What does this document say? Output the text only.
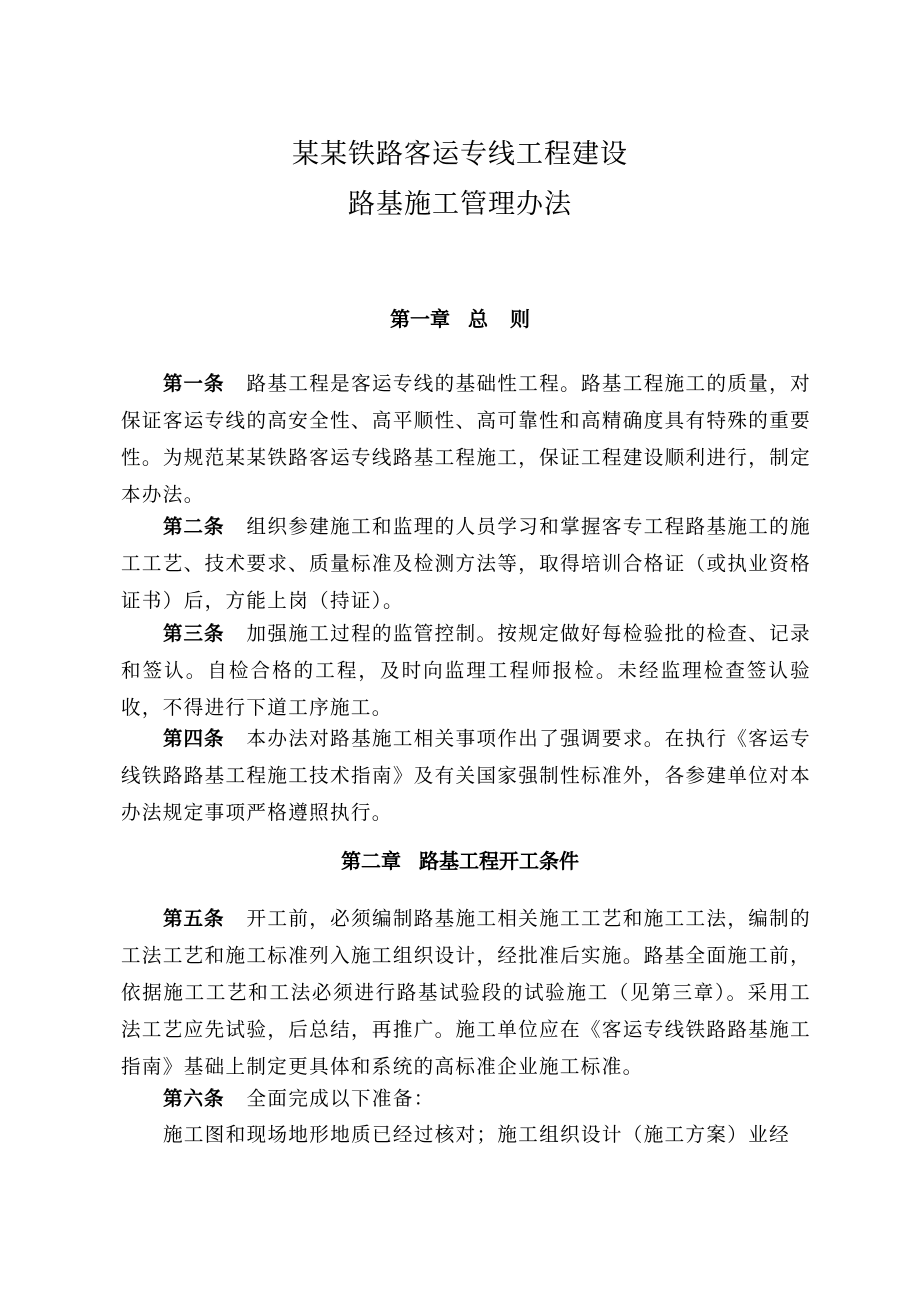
某某铁路客运专线工程建设
路基施工管理办法
第一章 总 则
第一条 路基工程是客运专线的基础性工程。路基工程施工的质量，对保证客运专线的高安全性、高平顺性、高可靠性和高精确度具有特殊的重要性。为规范某某铁路客运专线路基工程施工，保证工程建设顺利进行，制定本办法。
第二条 组织参建施工和监理的人员学习和掌握客专工程路基施工的施工工艺、技术要求、质量标准及检测方法等，取得培训合格证（或执业资格证书）后，方能上岗（持证）。
第三条 加强施工过程的监管控制。按规定做好每检验批的检查、记录和签认。自检合格的工程，及时向监理工程师报检。未经监理检查签认验收，不得进行下道工序施工。
第四条 本办法对路基施工相关事项作出了强调要求。在执行《客运专线铁路路基工程施工技术指南》及有关国家强制性标准外，各参建单位对本办法规定事项严格遵照执行。
第二章 路基工程开工条件
第五条 开工前，必须编制路基施工相关施工工艺和施工工法，编制的工法工艺和施工标准列入施工组织设计，经批准后实施。路基全面施工前，依据施工工艺和工法必须进行路基试验段的试验施工（见第三章）。采用工法工艺应先试验，后总结，再推广。施工单位应在《客运专线铁路路基施工指南》基础上制定更具体和系统的高标准企业施工标准。
第六条 全面完成以下准备：
施工图和现场地形地质已经过核对；施工组织设计（施工方案）业经
